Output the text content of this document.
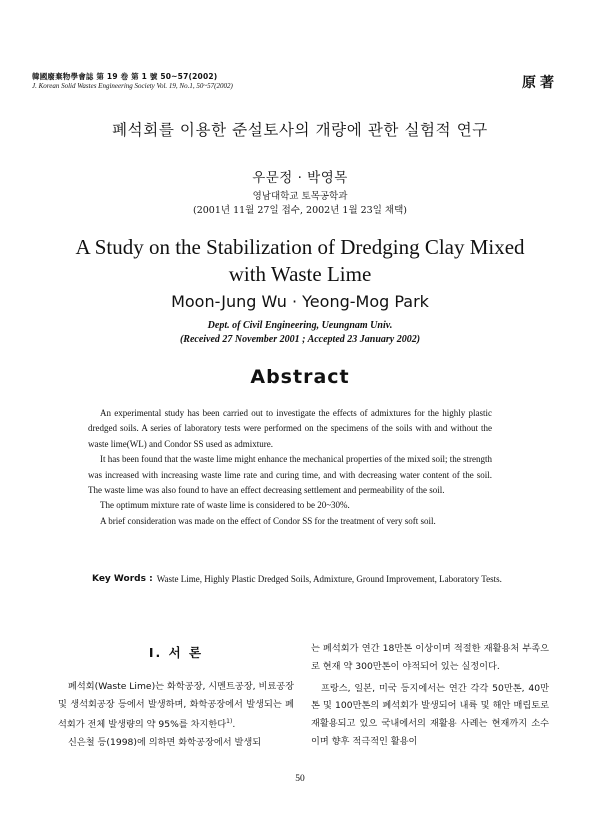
韓國廢棄物學會誌 第 19 卷 第 1 號 50~57(2002)
J. Korean Solid Wastes Engineering Society Vol. 19, No.1, 50~57(2002)	原著
폐석회를 이용한 준설토사의 개량에 관한 실험적 연구
우문정 · 박영목
영남대학교 토목공학과
(2001년 11월 27일 접수, 2002년 1월 23일 채택)
A Study on the Stabilization of Dredging Clay Mixed
with Waste Lime
Moon-Jung Wu · Yeong-Mog Park
Dept. of Civil Engineering, Ueungnam Univ.
(Received 27 November 2001 ; Accepted 23 January 2002)
Abstract

An experimental study has been carried out to investigate the effects of admixtures for the highly plastic dredged soils. A series of laboratory tests were performed on the specimens of the soils with and without the waste lime(WL) and Condor SS used as admixture.

It has been found that the waste lime might enhance the mechanical properties of the mixed soil; the strength was increased with increasing waste lime rate and curing time, and with decreasing water content of the soil. The waste lime was also found to have an effect decreasing settlement and permeability of the soil.

The optimum mixture rate of waste lime is considered to be 20~30%.

A brief consideration was made on the effect of Condor SS for the treatment of very soft soil.

Key Words : Waste Lime, Highly Plastic Dredged Soils, Admixture, Ground Improvement, Laboratory Tests.
Ⅰ. 서 론

폐석회(Waste Lime)는 화학공장, 시멘트공장, 비료공장 및 생석회공장 등에서 발생하며, 화학공장에서 발생되는 폐석회가 전체 발생량의 약 95%를 차지한다$^{1)}$.

신은철 등(1998)에 의하면 화학공장에서 발생되

는 폐석회가 연간 18만톤 이상이며 적절한 재활용처 부족으로 현재 약 300만톤이 야적되어 있는 실정이다.

프랑스, 일본, 미국 등지에서는 연간 각각 50만톤, 40만톤 및 100만톤의 폐석회가 발생되어 내륙 및 해안 매립토로 재활용되고 있으 국내에서의 재활용 사례는 현재까지 소수이며 향후 적극적인 활용이

50
